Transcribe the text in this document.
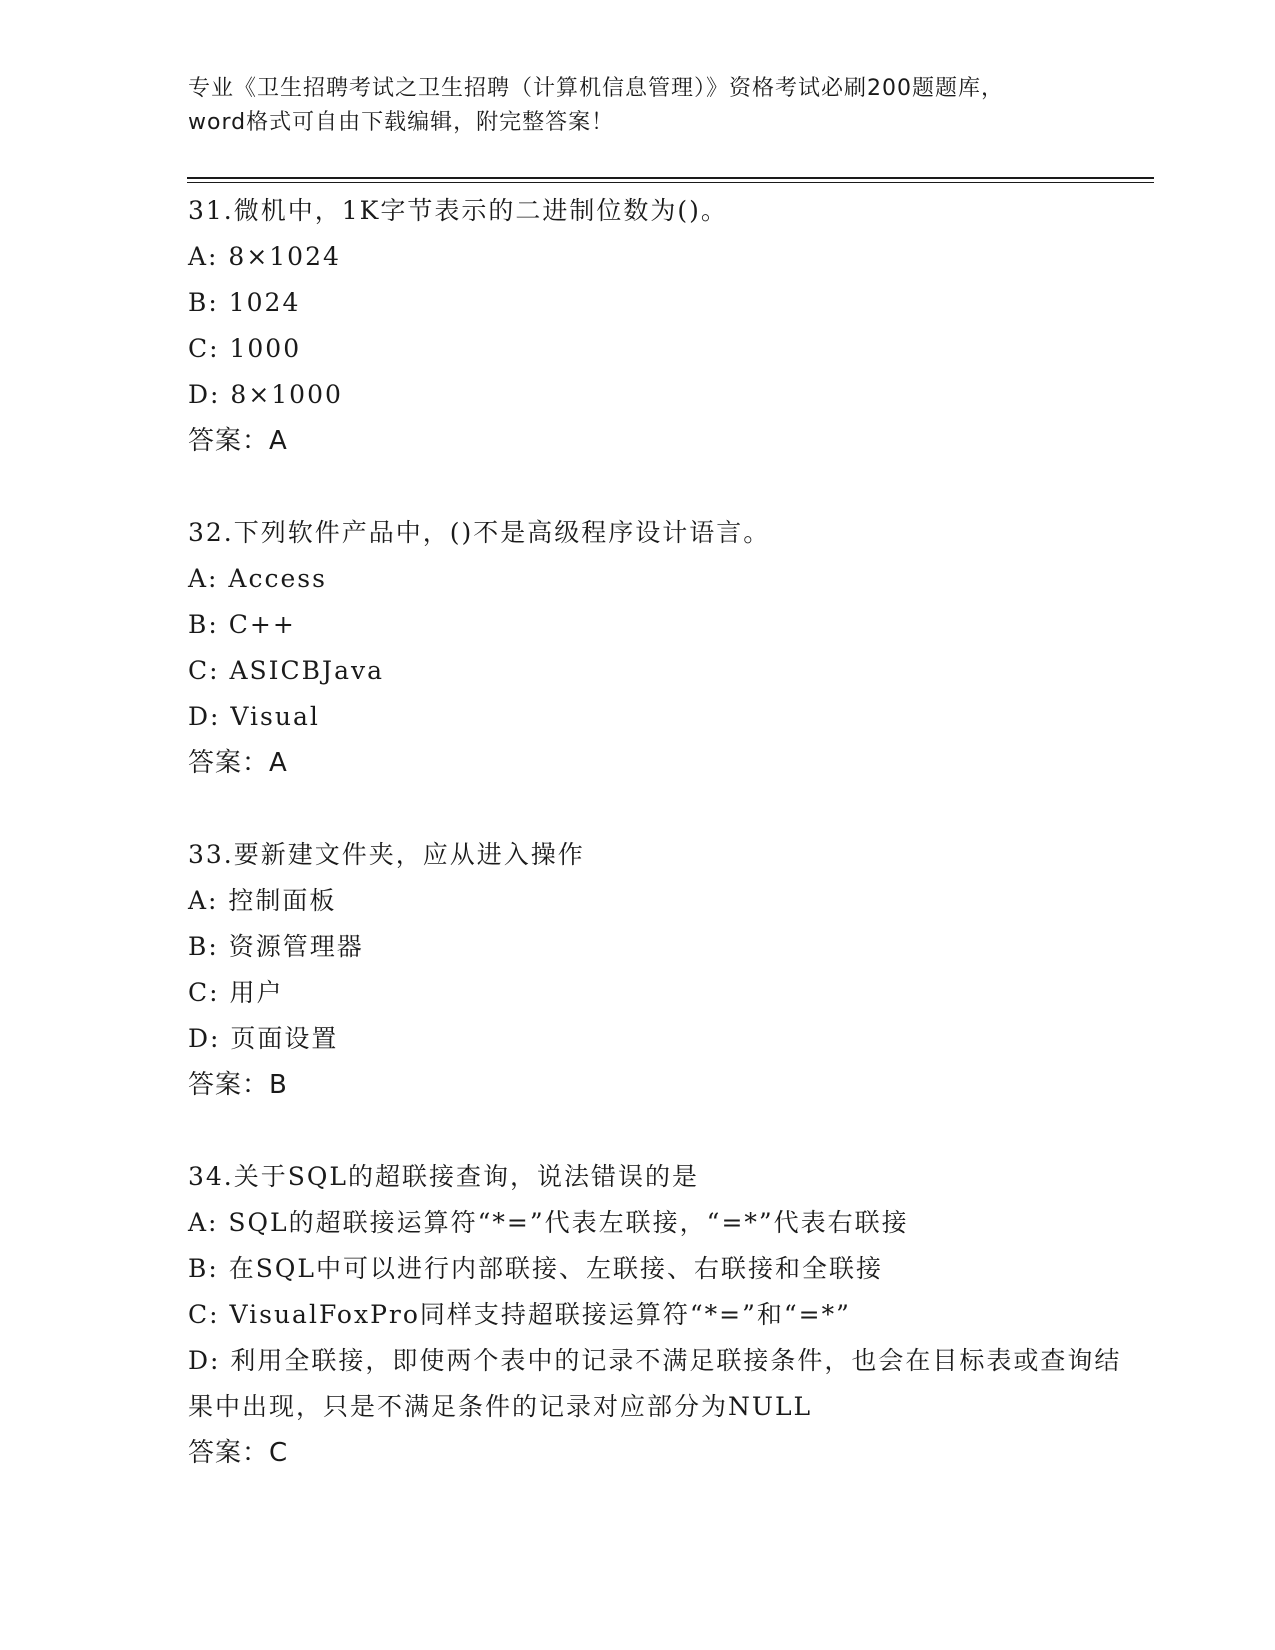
专业《卫生招聘考试之卫生招聘（计算机信息管理）》资格考试必刷200题题库，
word格式可自由下载编辑，附完整答案！
31.微机中，1K字节表示的二进制位数为()。
A: 8×1024
B: 1024
C: 1000
D: 8×1000
答案：A
32.下列软件产品中，()不是高级程序设计语言。
A: Access
B: C++
C: ASICBJava
D: Visual
答案：A
33.要新建文件夹，应从进入操作
A: 控制面板
B: 资源管理器
C: 用户
D: 页面设置
答案：B
34.关于SQL的超联接查询，说法错误的是
A: SQL的超联接运算符“*=”代表左联接，“=*”代表右联接
B: 在SQL中可以进行内部联接、左联接、右联接和全联接
C: VisualFoxPro同样支持超联接运算符“*=”和“=*”
D: 利用全联接，即使两个表中的记录不满足联接条件，也会在目标表或查询结果中出现，只是不满足条件的记录对应部分为NULL
答案：C
